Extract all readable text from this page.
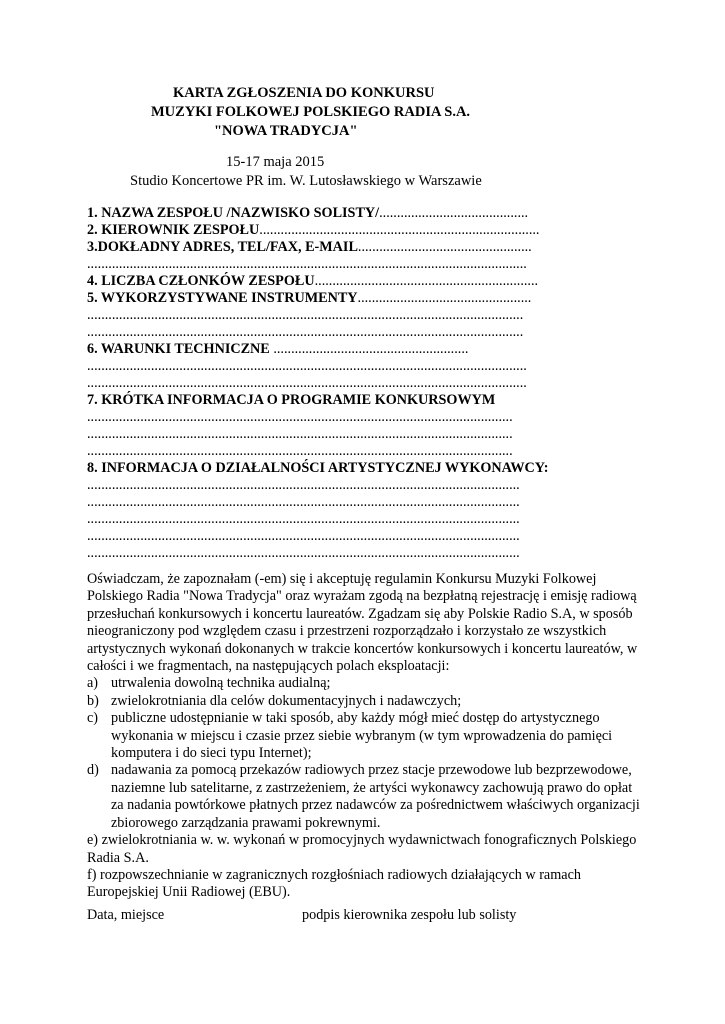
KARTA ZGŁOSZENIA DO KONKURSU
MUZYKI FOLKOWEJ POLSKIEGO RADIA S.A.
"NOWA TRADYCJA"
15-17 maja 2015
Studio Koncertowe PR im. W. Lutosławskiego w Warszawie
1. NAZWA ZESPOŁU /NAZWISKO SOLISTY/..........................................
2. KIEROWNIK ZESPOŁU...............................................................................
3.DOKŁADNY ADRES, TEL/FAX, E-MAIL.................................................
............................................................................................................................
4. LICZBA CZŁONKÓW ZESPOŁU...............................................................
5. WYKORZYSTYWANE INSTRUMENTY.................................................
...........................................................................................................................
...........................................................................................................................
6. WARUNKI TECHNICZNE .......................................................
............................................................................................................................
............................................................................................................................
7. KRÓTKA INFORMACJA O PROGRAMIE KONKURSOWYM
........................................................................................................................
........................................................................................................................
........................................................................................................................
8. INFORMACJA O DZIAŁALNOŚCI ARTYSTYCZNEJ WYKONAWCY:
..........................................................................................................................
..........................................................................................................................
..........................................................................................................................
..........................................................................................................................
..........................................................................................................................
Oświadczam, że zapoznałam (-em) się i akceptuję regulamin Konkursu Muzyki Folkowej Polskiego Radia "Nowa Tradycja" oraz wyrażam zgodą na bezpłatną rejestrację i emisję radiową przesłuchań konkursowych i koncertu laureatów. Zgadzam się aby Polskie Radio S.A, w sposób nieograniczony pod względem czasu i przestrzeni rozporządzało i korzystało ze wszystkich artystycznych wykonań dokonanych w trakcie koncertów konkursowych i koncertu laureatów, w całości i we fragmentach, na następujących polach eksploatacji:
a) utrwalenia dowolną technika audialną;
b) zwielokrotniania dla celów dokumentacyjnych i nadawczych;
c) publiczne udostępnianie w taki sposób, aby każdy mógł mieć dostęp do artystycznego wykonania w miejscu i czasie przez siebie wybranym (w tym wprowadzenia do pamięci komputera i do sieci typu Internet);
d) nadawania za pomocą przekazów radiowych przez stacje przewodowe lub bezprzewodowe, naziemne lub satelitarne, z zastrzeżeniem, że artyści wykonawcy zachowują prawo do opłat za nadania powtórkowe płatnych przez nadawców za pośrednictwem właściwych organizacji zbiorowego zarządzania prawami pokrewnymi.
e) zwielokrotniania w. w. wykonań w promocyjnych wydawnictwach fonograficznych Polskiego Radia S.A.
f) rozpowszechnianie w zagranicznych rozgłośniach radiowych działających w ramach Europejskiej Unii Radiowej (EBU).
Data, miejsce	podpis kierownika zespołu lub solisty
